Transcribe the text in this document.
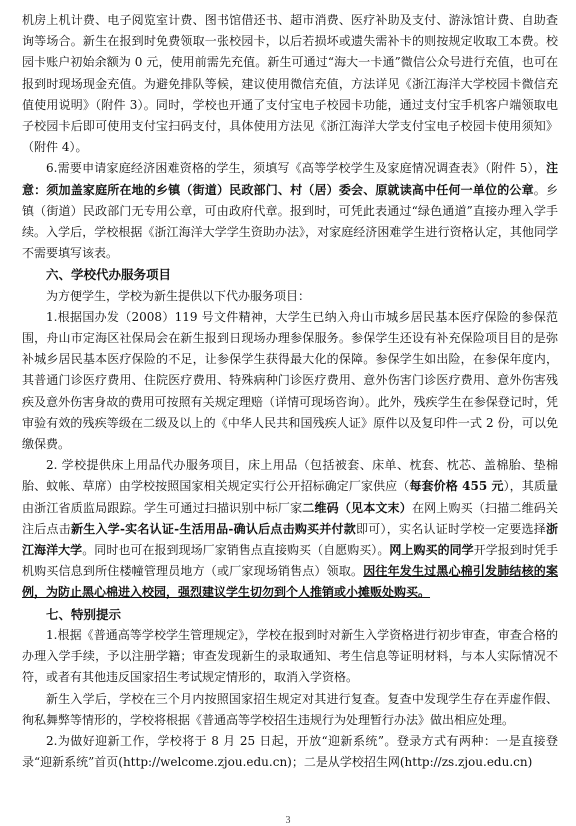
机房上机计费、电子阅览室计费、图书馆借还书、超市消费、医疗补助及支付、游泳馆计费、自助查询等场合。新生在报到时免费领取一张校园卡，以后若损坏或遗失需补卡的则按规定收取工本费。校园卡账户初始余额为 0 元，使用前需先充值。新生可通过“海大一卡通”微信公众号进行充值，也可在报到时现场现金充值。为避免排队等候，建议使用微信充值，方法详见《浙江海洋大学校园卡微信充值使用说明》（附件 3）。同时，学校也开通了支付宝电子校园卡功能，通过支付宝手机客户端领取电子校园卡后即可使用支付宝扫码支付，具体使用方法见《浙江海洋大学支付宝电子校园卡使用须知》（附件 4）。

6.需要申请家庭经济困难资格的学生，须填写《高等学校学生及家庭情况调查表》（附件 5），注意：须加盖家庭所在地的乡镇（街道）民政部门、村（居）委会、原就读高中任何一单位的公章。乡镇（街道）民政部门无专用公章，可由政府代章。报到时，可凭此表通过“绿色通道”直接办理入学手续。入学后，学校根据《浙江海洋大学学生资助办法》，对家庭经济困难学生进行资格认定，其他同学不需要填写该表。

六、学校代办服务项目

为方便学生，学校为新生提供以下代办服务项目：

1.根据国办发（2008）119 号文件精神，大学生已纳入舟山市城乡居民基本医疗保险的参保范围，舟山市定海区社保局会在新生报到日现场办理参保服务。参保学生还设有补充保险项目目的是弥补城乡居民基本医疗保险的不足，让参保学生获得最大化的保障。参保学生如出险，在参保年度内，其普通门诊医疗费用、住院医疗费用、特殊病种门诊医疗费用、意外伤害门诊医疗费用、意外伤害残疾及意外伤害身故的费用可按照有关规定理赔（详情可现场咨询）。此外，残疾学生在参保登记时，凭审验有效的残疾等级在二级及以上的《中华人民共和国残疾人证》原件以及复印件一式 2 份，可以免缴保费。

2. 学校提供床上用品代办服务项目，床上用品（包括被套、床单、枕套、枕芯、盖棉胎、垫棉胎、蚊帐、草席）由学校按照国家相关规定实行公开招标确定厂家供应（每套价格 455 元），其质量由浙江省质监局跟踪。学生可通过扫描识别中标厂家二维码（见本文末）在网上购买（扫描二维码关注后点击新生入学-实名认证-生活用品-确认后点击购买并付款即可），实名认证时学校一定要选择浙江海洋大学。同时也可在报到现场厂家销售点直接购买（自愿购买）。网上购买的同学开学报到时凭手机购买信息到所住楼幢管理员地方（或厂家现场销售点）领取。因往年发生过黑心棉引发肺结核的案例，为防止黑心棉进入校园，强烈建议学生切勿到个人推销或小摊贩处购买。

七、特别提示

1.根据《普通高等学校学生管理规定》，学校在报到时对新生入学资格进行初步审查，审查合格的办理入学手续，予以注册学籍；审查发现新生的录取通知、考生信息等证明材料，与本人实际情况不符，或者有其他违反国家招生考试规定情形的，取消入学资格。

新生入学后，学校在三个月内按照国家招生规定对其进行复查。复查中发现学生存在弄虚作假、徇私舞弊等情形的，学校将根据《普通高等学校招生违规行为处理暂行办法》做出相应处理。

2.为做好迎新工作，学校将于 8 月 25 日起，开放“迎新系统”。登录方式有两种：一是直接登录“迎新系统”首页(http://welcome.zjou.edu.cn)；二是从学校招生网(http://zs.zjou.edu.cn)

3
